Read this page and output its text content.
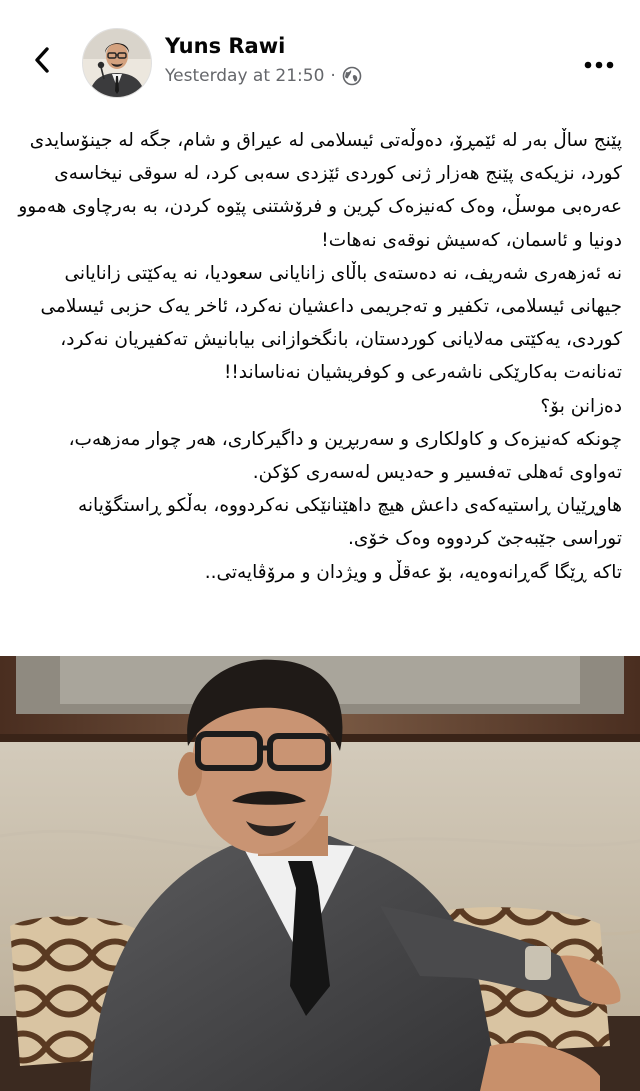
Yuns Rawi
Yesterday at 21:50 ·

پێنج ساڵ بەر لە ئێمڕۆ، دەوڵەتی ئیسلامی لە عیراق و شام، جگە لە جینۆسایدی کورد، نزیکەی پێنج هەزار ژنی کوردی ئێزدی سەبی کرد، لە سوقی نیخاسەی عەرەبی موسڵ، وەک کەنیزەک کڕین و فرۆشتنی پێوە کردن، بە بەرچاوی هەموو دونیا و ئاسمان، کەسیش نوقەی نەهات!

نە ئەزهەری شەریف، نە دەستەی باڵای زانایانی سعودیا، نە یەکێتی زانایانی جیهانی ئیسلامی، تکفیر و تەجریمی داعشیان نەکرد، ئاخر یەک حزبی ئیسلامی کوردی، یەکێتی مەلایانی کوردستان، بانگخوازانی بیابانیش تەکفیریان نەکرد، تەنانەت بەکارێکی ناشەرعی و کوفریشیان نەناساند!!

دەزانن بۆ؟

چونکە کەنیزەک و کاولکاری و سەربڕین و داگیرکاری، هەر چوار مەزهەب، تەواوی ئەهلی تەفسیر و حەدیس لەسەری کۆکن.

هاوڕێیان ڕاستیەکەی داعش هیچ داهێنانێکی نەکردووە، بەڵکو ڕاستگۆیانە توراسی جێبەجێ کردووە وەک خۆی.

تاکە ڕێگا گەڕانەوەیە، بۆ عەقڵ و ویژدان و مرۆڤایەتی..
